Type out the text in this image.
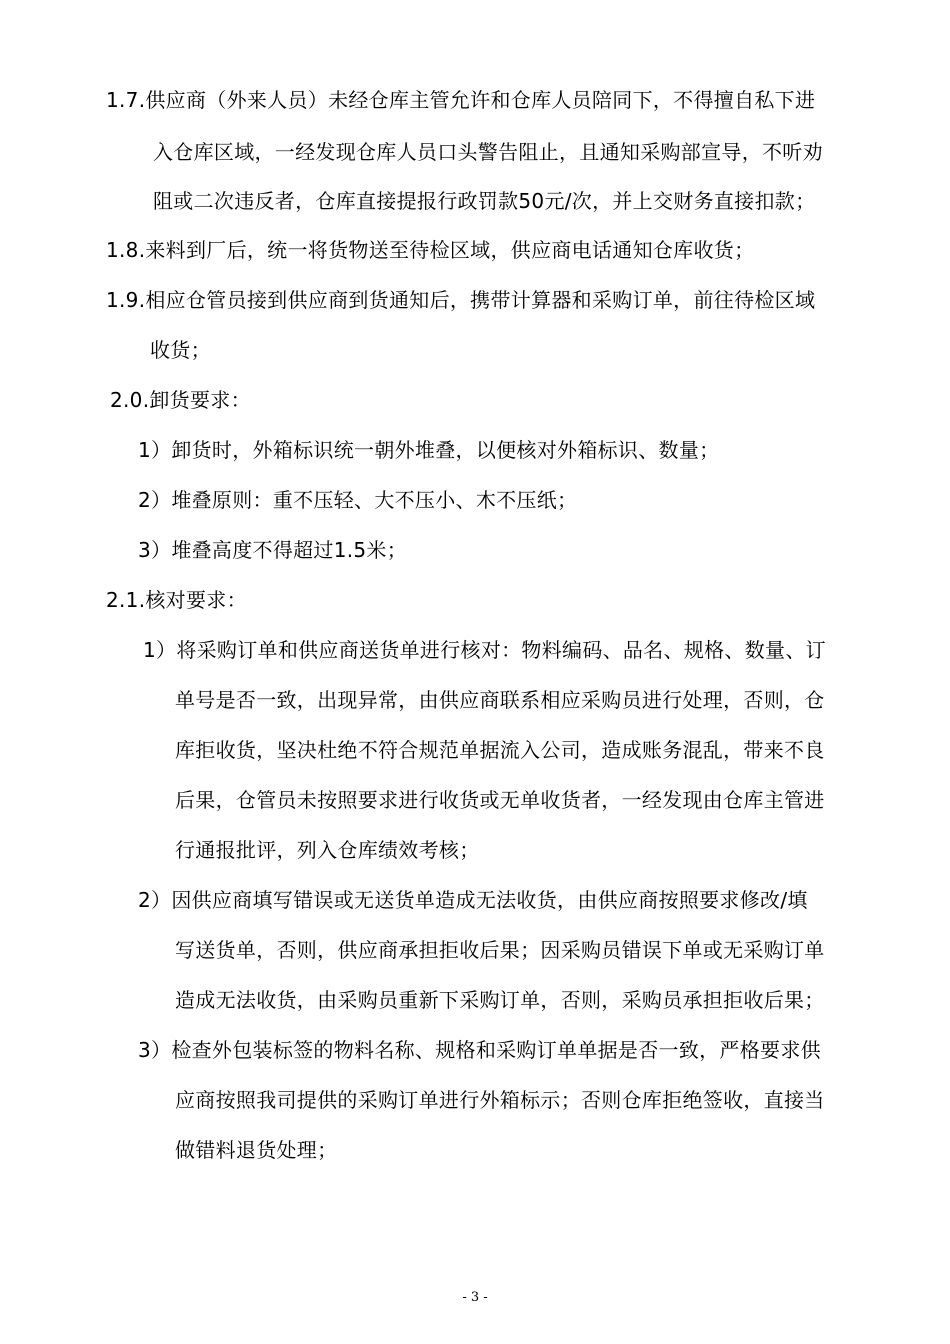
1.7.供应商（外来人员）未经仓库主管允许和仓库人员陪同下，不得擅自私下进
入仓库区域，一经发现仓库人员口头警告阻止，且通知采购部宣导，不听劝
阻或二次违反者，仓库直接提报行政罚款50元/次，并上交财务直接扣款；
1.8.来料到厂后，统一将货物送至待检区域，供应商电话通知仓库收货；
1.9.相应仓管员接到供应商到货通知后，携带计算器和采购订单，前往待检区域
收货；
2.0.卸货要求：
1）卸货时，外箱标识统一朝外堆叠，以便核对外箱标识、数量；
2）堆叠原则：重不压轻、大不压小、木不压纸；
3）堆叠高度不得超过1.5米；
2.1.核对要求：
1）将采购订单和供应商送货单进行核对：物料编码、品名、规格、数量、订
单号是否一致，出现异常，由供应商联系相应采购员进行处理，否则，仓
库拒收货，坚决杜绝不符合规范单据流入公司，造成账务混乱，带来不良
后果，仓管员未按照要求进行收货或无单收货者，一经发现由仓库主管进
行通报批评，列入仓库绩效考核；
2）因供应商填写错误或无送货单造成无法收货，由供应商按照要求修改/填
写送货单，否则，供应商承担拒收后果；因采购员错误下单或无采购订单
造成无法收货，由采购员重新下采购订单，否则，采购员承担拒收后果；
3）检查外包装标签的物料名称、规格和采购订单单据是否一致，严格要求供
应商按照我司提供的采购订单进行外箱标示；否则仓库拒绝签收，直接当
做错料退货处理；
- 3 -
